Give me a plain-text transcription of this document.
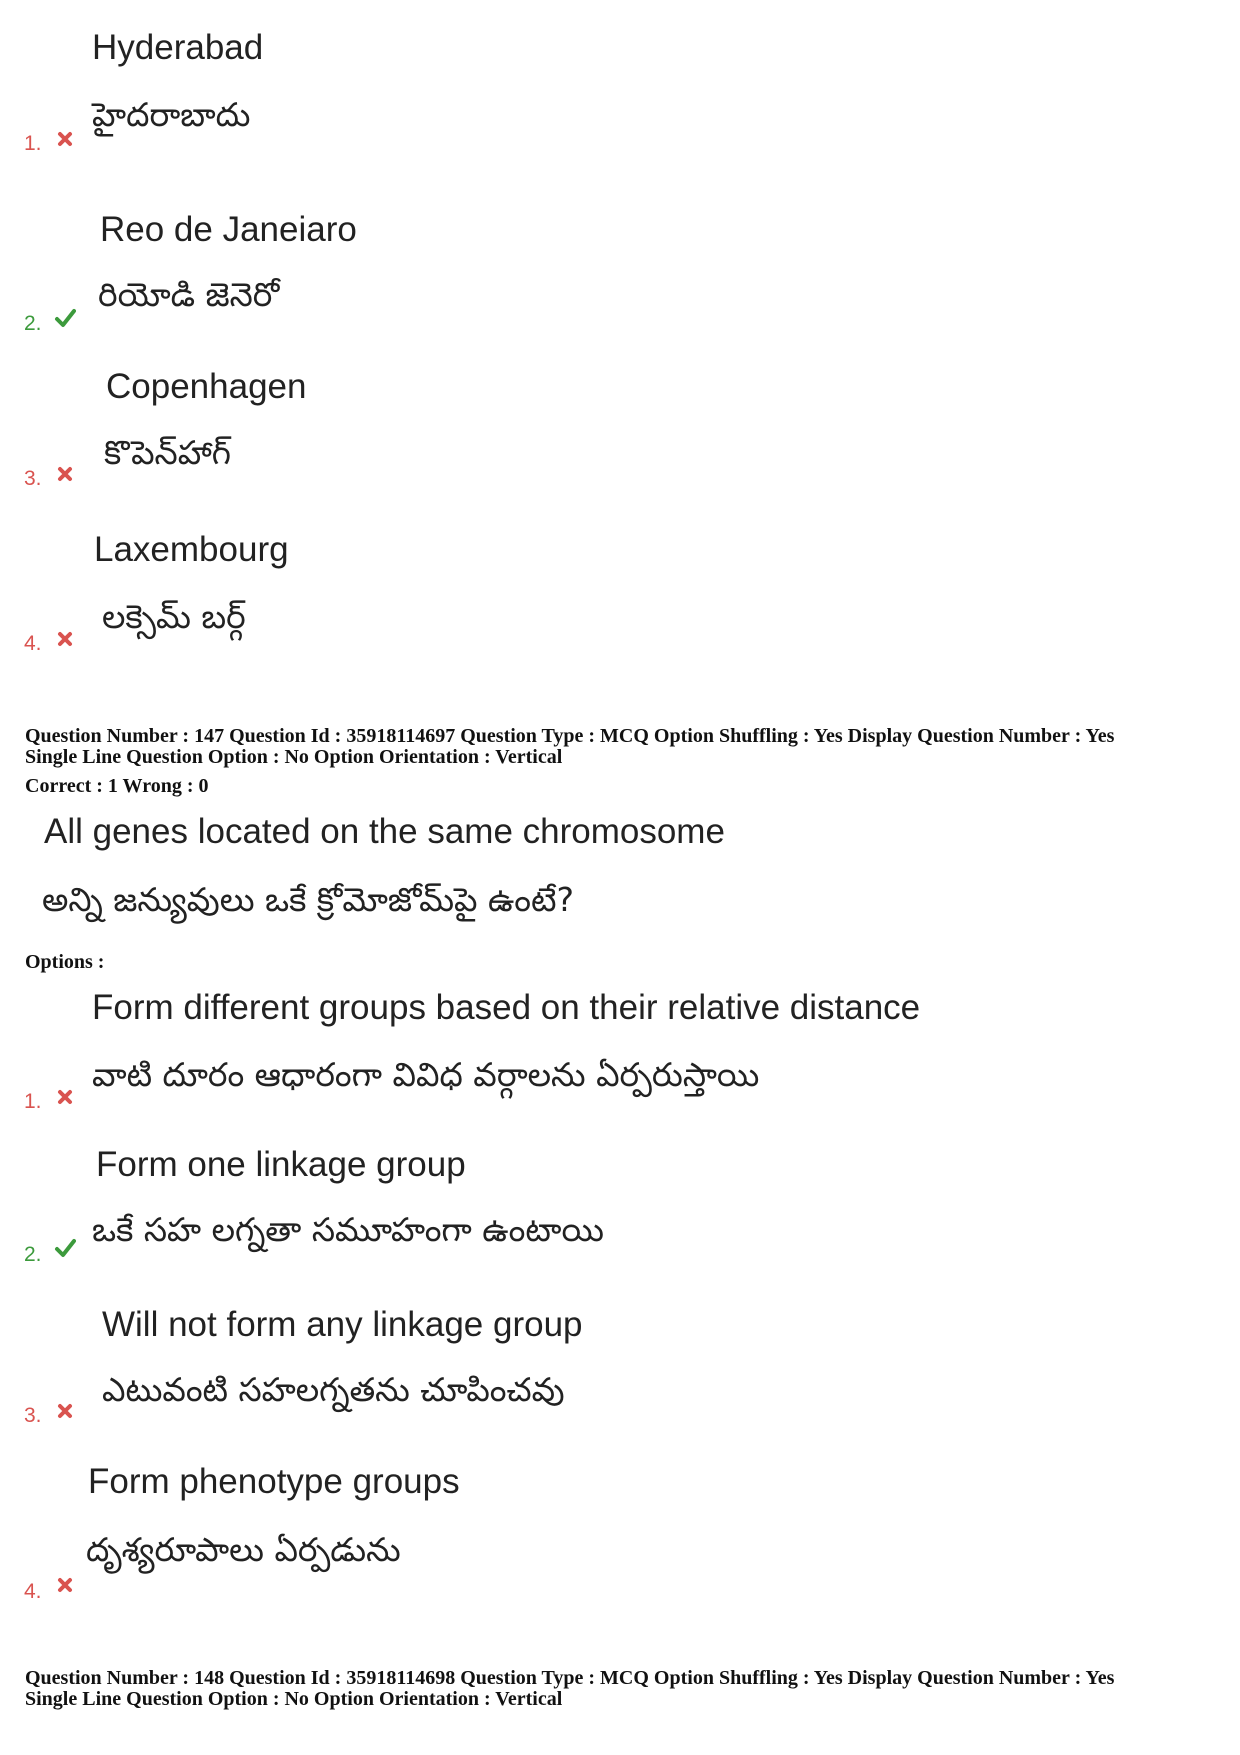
Hyderabad
హైదరాబాదు
1.
Reo de Janeiaro
రియోడి జెనెరో
2.
Copenhagen
కొపెన్‌హాగ్
3.
Laxembourg
లక్సెమ్ బర్గ్
4.
Question Number : 147 Question Id : 35918114697 Question Type : MCQ Option Shuffling : Yes Display Question Number : Yes
Single Line Question Option : No Option Orientation : Vertical
Correct : 1 Wrong : 0
All genes located on the same chromosome
అన్ని జన్యువులు ఒకే క్రోమోజోమ్‌పై ఉంటే?
Options :
Form different groups based on their relative distance
వాటి దూరం ఆధారంగా వివిధ వర్గాలను ఏర్పరుస్తాయి
1.
Form one linkage group
ఒకే సహ లగ్నతా సమూహంగా ఉంటాయి
2.
Will not form any linkage group
ఎటువంటి సహలగ్నతను చూపించవు
3.
Form phenotype groups
దృశ్యరూపాలు ఏర్పడును
4.
Question Number : 148 Question Id : 35918114698 Question Type : MCQ Option Shuffling : Yes Display Question Number : Yes
Single Line Question Option : No Option Orientation : Vertical
